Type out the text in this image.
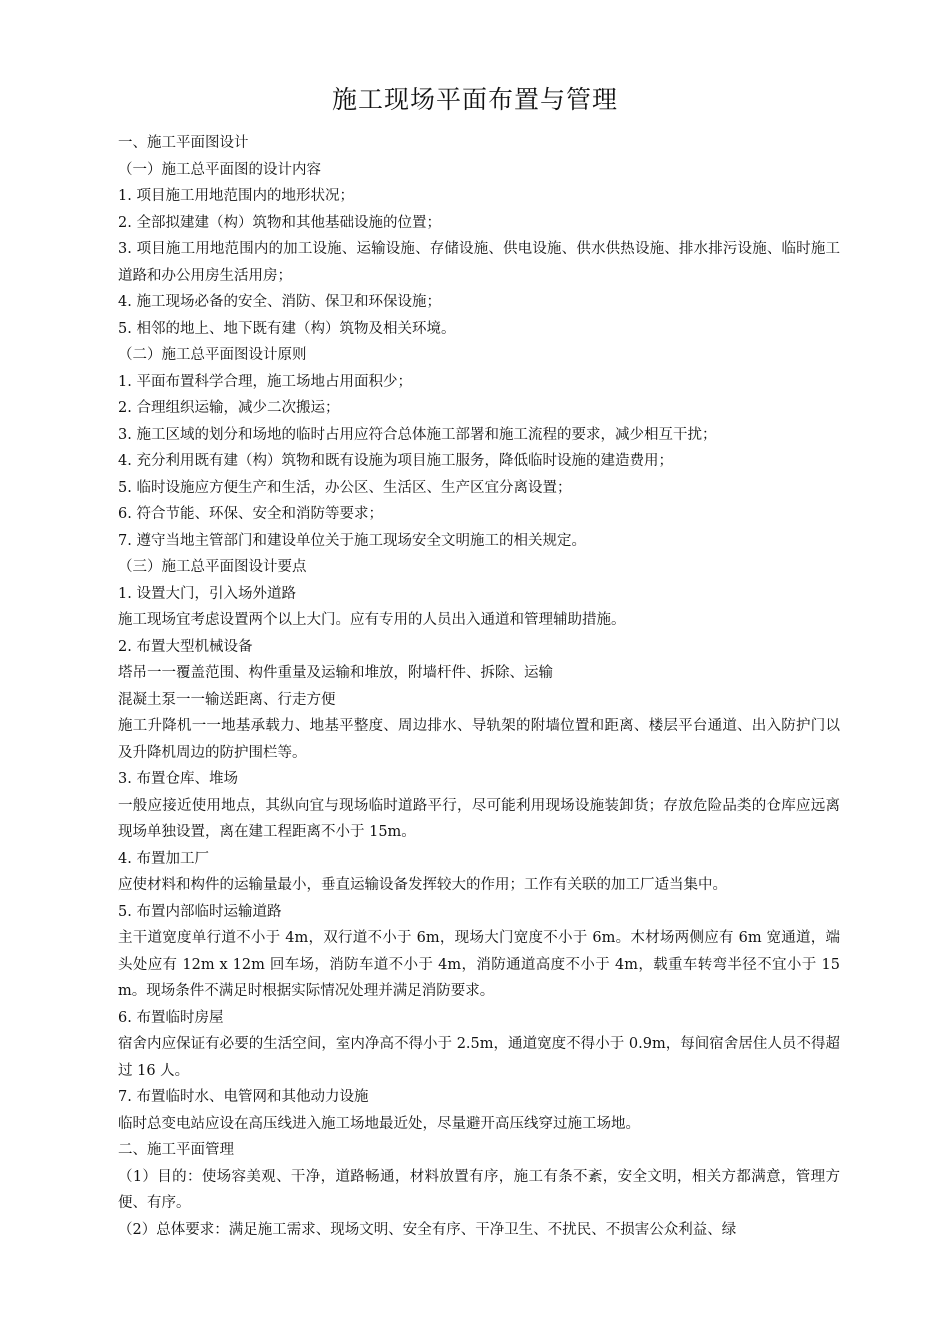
施工现场平面布置与管理

一、施工平面图设计

（一）施工总平面图的设计内容

1. 项目施工用地范围内的地形状况；

2. 全部拟建建（构）筑物和其他基础设施的位置；

3. 项目施工用地范围内的加工设施、运输设施、存储设施、供电设施、供水供热设施、排水排污设施、临时施工道路和办公用房生活用房；

4. 施工现场必备的安全、消防、保卫和环保设施；

5. 相邻的地上、地下既有建（构）筑物及相关环境。

（二）施工总平面图设计原则

1. 平面布置科学合理，施工场地占用面积少；

2. 合理组织运输，减少二次搬运；

3. 施工区域的划分和场地的临时占用应符合总体施工部署和施工流程的要求，减少相互干扰；

4. 充分利用既有建（构）筑物和既有设施为项目施工服务，降低临时设施的建造费用；

5. 临时设施应方便生产和生活，办公区、生活区、生产区宜分离设置；

6. 符合节能、环保、安全和消防等要求；

7. 遵守当地主管部门和建设单位关于施工现场安全文明施工的相关规定。

（三）施工总平面图设计要点

1. 设置大门，引入场外道路

施工现场宜考虑设置两个以上大门。应有专用的人员出入通道和管理辅助措施。

2. 布置大型机械设备

塔吊一一覆盖范围、构件重量及运输和堆放，附墙杆件、拆除、运输

混凝土泵一一输送距离、行走方便

施工升降机一一地基承载力、地基平整度、周边排水、导轨架的附墙位置和距离、楼层平台通道、出入防护门以及升降机周边的防护围栏等。

3. 布置仓库、堆场

一般应接近使用地点，其纵向宜与现场临时道路平行，尽可能利用现场设施装卸货；存放危险品类的仓库应远离现场单独设置，离在建工程距离不小于 15m。

4. 布置加工厂

应使材料和构件的运输量最小，垂直运输设备发挥较大的作用；工作有关联的加工厂适当集中。

5. 布置内部临时运输道路

主干道宽度单行道不小于 4m，双行道不小于 6m，现场大门宽度不小于 6m。木材场两侧应有 6m 宽通道，端头处应有 12m x 12m 回车场，消防车道不小于 4m，消防通道高度不小于 4m，载重车转弯半径不宜小于 15m。现场条件不满足时根据实际情况处理并满足消防要求。

6. 布置临时房屋

宿舍内应保证有必要的生活空间，室内净高不得小于 2.5m，通道宽度不得小于 0.9m，每间宿舍居住人员不得超过 16 人。

7. 布置临时水、电管网和其他动力设施

临时总变电站应设在高压线进入施工场地最近处，尽量避开高压线穿过施工场地。

二、施工平面管理

（1）目的：使场容美观、干净，道路畅通，材料放置有序，施工有条不紊，安全文明，相关方都满意，管理方便、有序。

（2）总体要求：满足施工需求、现场文明、安全有序、干净卫生、不扰民、不损害公众利益、绿
